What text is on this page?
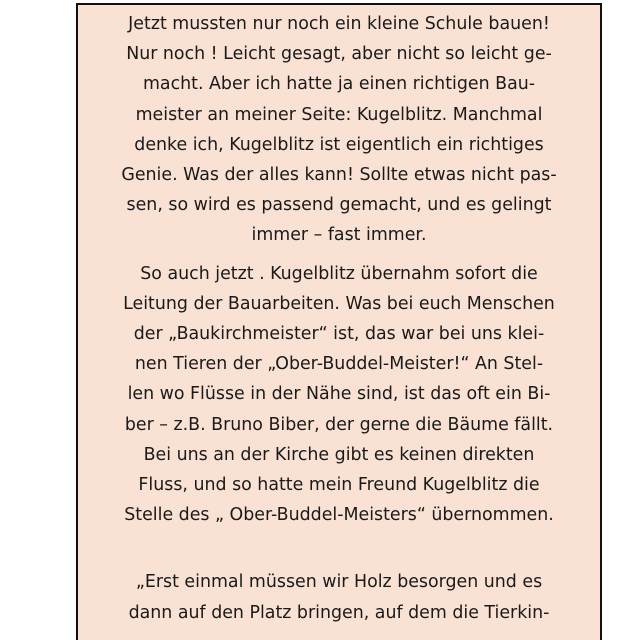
Jetzt mussten nur noch ein kleine Schule bauen!
Nur noch ! Leicht gesagt, aber nicht so leicht ge-
macht. Aber ich hatte ja einen richtigen Bau-
meister an meiner Seite: Kugelblitz. Manchmal
denke ich, Kugelblitz ist eigentlich ein richtiges
Genie. Was der alles kann! Sollte etwas nicht pas-
sen, so wird es passend gemacht, und es gelingt
immer – fast immer.
So auch jetzt . Kugelblitz übernahm sofort die
Leitung der Bauarbeiten. Was bei euch Menschen
der „Baukirchmeister“ ist, das war bei uns klei-
nen Tieren der „Ober-Buddel-Meister!“ An Stel-
len wo Flüsse in der Nähe sind, ist das oft ein Bi-
ber – z.B. Bruno Biber, der gerne die Bäume fällt.
Bei uns an der Kirche gibt es keinen direkten
Fluss, und so hatte mein Freund Kugelblitz die
Stelle des „ Ober-Buddel-Meisters“ übernommen.
„Erst einmal müssen wir Holz besorgen und es
dann auf den Platz bringen, auf dem die Tierkin-
